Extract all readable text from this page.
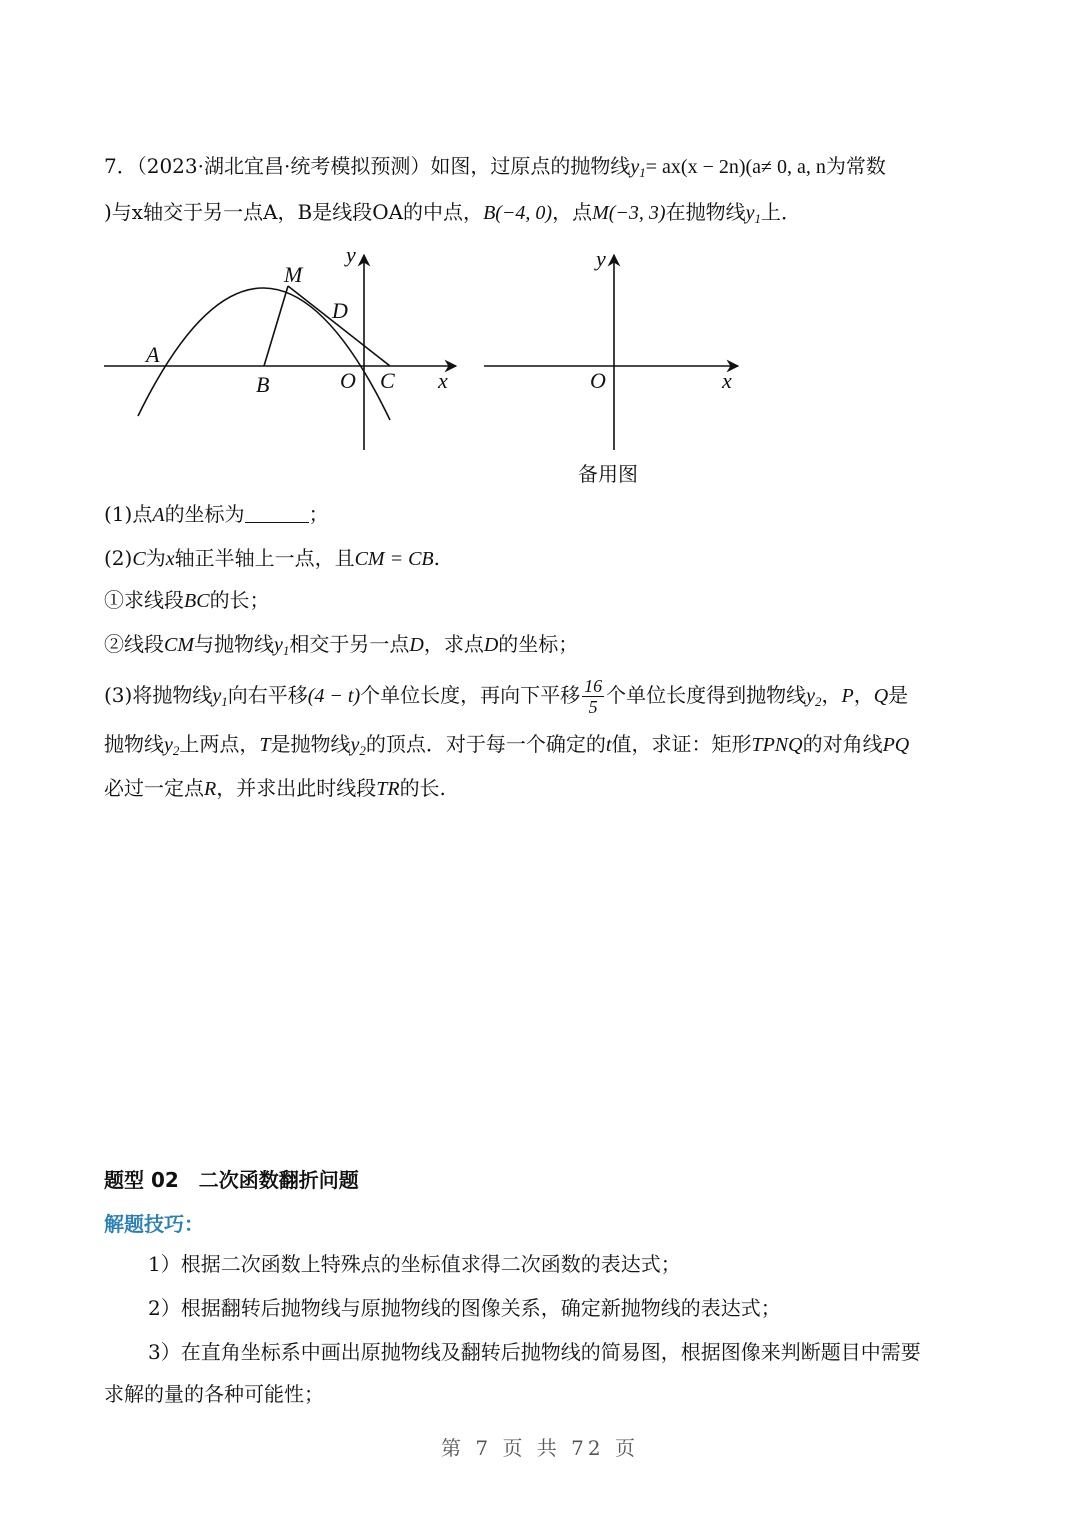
7．（2023·湖北宜昌·统考模拟预测）如图，过原点的抛物线$y_1= ax(x - 2n)(a\ne 0$, a, n为常数
)与x轴交于另一点A，B是线段OA的中点，B(−4, 0)，点M(−3, 3)在抛物线$y_1$上．
y
x
A
B
M
D
O C
y
x
O
备用图
(1)点A的坐标为	；
(2)C为x轴正半轴上一点，且CM = CB.
①求线段BC的长；
②线段CM与抛物线$y_1$相交于另一点D，求点D的坐标；
(3)将抛物线$y_1$向右平移(4 − t)个单位长度，再向下平移 $\frac{16}{5}$ 个单位长度得到抛物线$y_2$，P，Q是
抛物线$y_2$上两点，T是抛物线$y_2$的顶点．对于每一个确定的t值，求证：矩形TPNQ的对角线PQ
必过一定点R，并求出此时线段TR的长.
题型 02　二次函数翻折问题
解题技巧：
1）根据二次函数上特殊点的坐标值求得二次函数的表达式；
2）根据翻转后抛物线与原抛物线的图像关系，确定新抛物线的表达式；
3）在直角坐标系中画出原抛物线及翻转后抛物线的简易图，根据图像来判断题目中需要
求解的量的各种可能性；
第 7 页 共 72 页
